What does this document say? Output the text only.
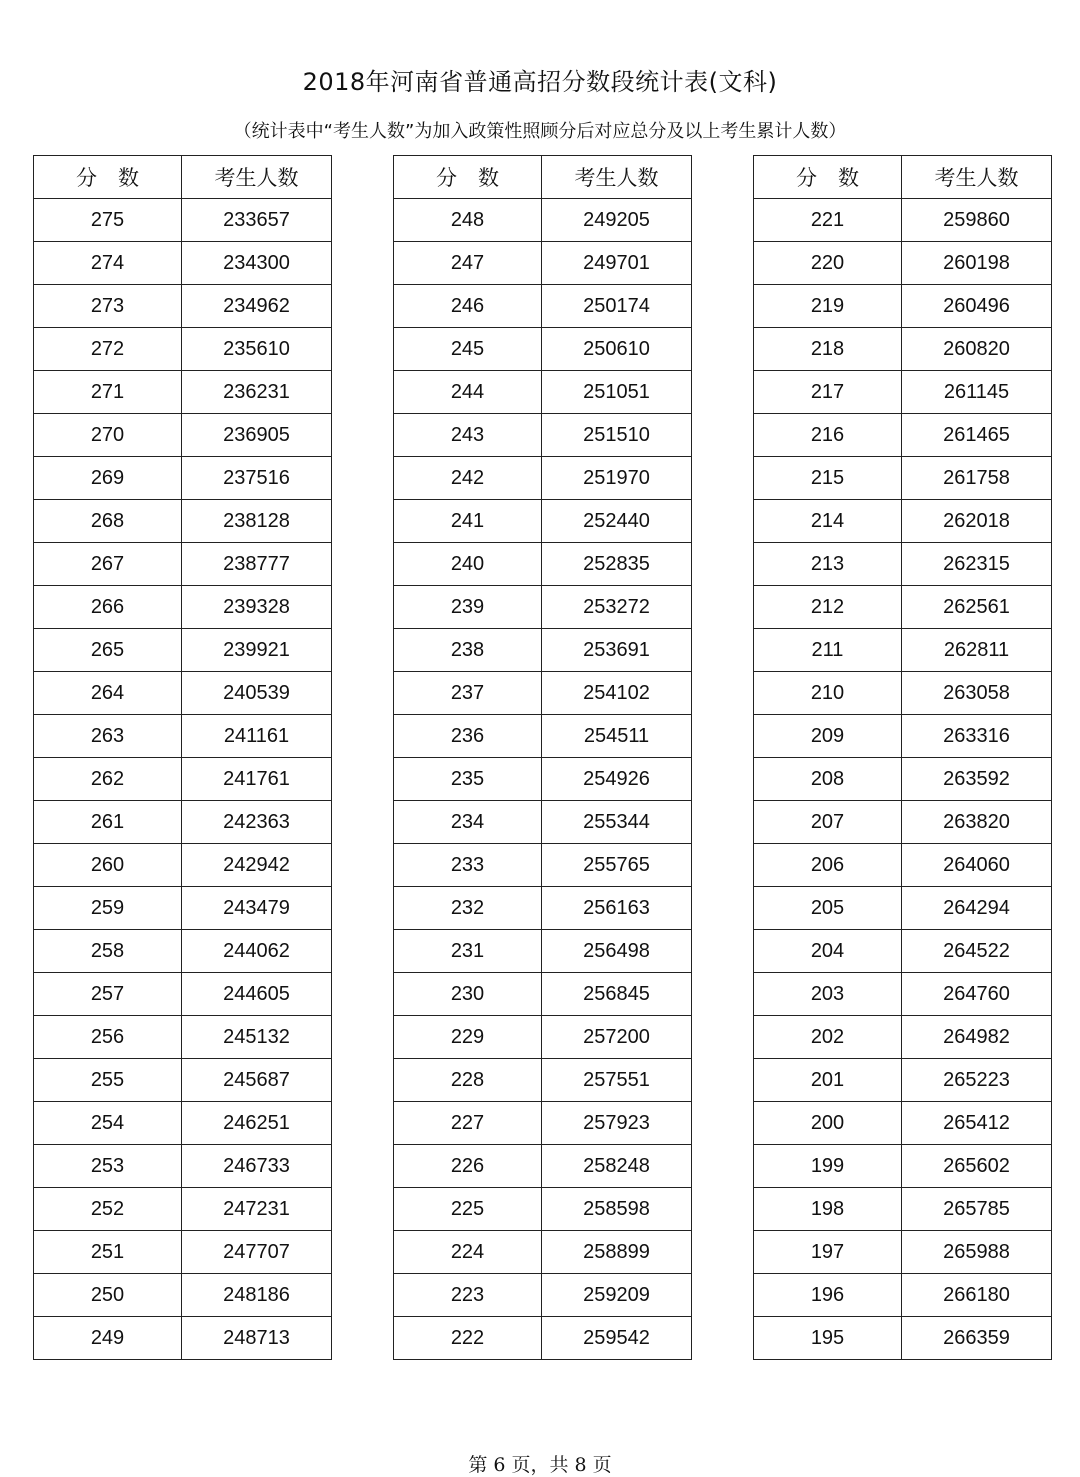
2018年河南省普通高招分数段统计表(文科)
（统计表中“考生人数”为加入政策性照顾分后对应总分及以上考生累计人数）
分　数	考生人数
275	233657
274	234300
273	234962
272	235610
271	236231
270	236905
269	237516
268	238128
267	238777
266	239328
265	239921
264	240539
263	241161
262	241761
261	242363
260	242942
259	243479
258	244062
257	244605
256	245132
255	245687
254	246251
253	246733
252	247231
251	247707
250	248186
249	248713
分　数	考生人数
248	249205
247	249701
246	250174
245	250610
244	251051
243	251510
242	251970
241	252440
240	252835
239	253272
238	253691
237	254102
236	254511
235	254926
234	255344
233	255765
232	256163
231	256498
230	256845
229	257200
228	257551
227	257923
226	258248
225	258598
224	258899
223	259209
222	259542
分　数	考生人数
221	259860
220	260198
219	260496
218	260820
217	261145
216	261465
215	261758
214	262018
213	262315
212	262561
211	262811
210	263058
209	263316
208	263592
207	263820
206	264060
205	264294
204	264522
203	264760
202	264982
201	265223
200	265412
199	265602
198	265785
197	265988
196	266180
195	266359
第 6 页，共 8 页
